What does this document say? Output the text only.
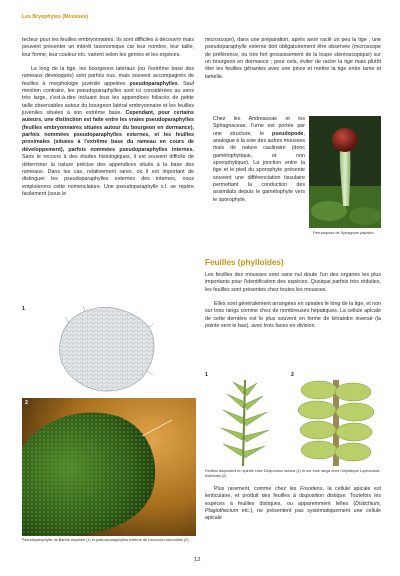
Les Bryophytes (Mousses)

tecteur pour les feuilles embryonnaires. Ils sont difficiles à découvrir mais peuvent présenter un intérêt taxonomique car leur nombre, leur taille, leur forme, leur couleur etc. varient selon les genres et les espèces.

Le long de la tige, les bourgeons latéraux (ou l'extrême base des rameaux développés) sont parfois nus, mais souvent accompagnés de feuilles à morphologie juvénile appelées pseudoparaphylles. Sauf mention contraire, les pseudoparaphylles sont ici considérées au sens très large, c'est-à-dire incluant tous les appendices foliacés de petite taille observables autour du bourgeon latéral embryonnaire et les feuilles juvéniles situées à son extrême base. Cependant, pour certains auteurs, une distinction est faite entre les vraies pseudoparaphylles (feuilles embryonnaires situées autour du bourgeon en dormance), parfois nommées pseudoparaphylles externes, et les feuilles proximales (situées à l'extrême base du rameau en cours de développement), parfois nommées pseudoparaphylles internes. Sans le recours à des études histologiques, il est souvent difficile de déterminer la nature précise des appendices situés à la base des rameaux. Dans les cas, relativement rares, où il est important de distinguer les pseudoparaphylles externes des internes, nous emploierons cette nomenclature. Une pseudoparaphylle s.l. se repère facilement (sous le

1
2
Pseudoparaphylle de Barbie vaucheri (1) et pseudoparaphylles externe de Leucodon sciuroides (2).

microscope), dans une préparation, après avoir raclé un peu la tige ; une pseudoparaphylle externe doit obligatoirement être observée (microscope de préférence, ou très fort grossissement de la loupe stéréoscopique) sur un bourgeon en dormance ; pour cela, éviter de racler la tige mais plutôt ôter les feuilles gênantes avec une pince et mettre la tige entre lame et lamelle.

Chez les Andreaceae et les Sphagnaceae, l'urne est portée par une structure, le pseudopode, analogue à la soie des autres mousses mais de nature caulinaire (donc gamétophytique, et non sporophytique). La jonction entre la tige et le pied du sporophyte présente souvent une différenciation tissulaire permettant la conduction des assimilats depuis le gamétophyte vers le sporophyte.

Pseudopode de Sphagnum palustre.
Feuilles (phylloïdes)

Les feuilles des mousses sont sans nul doute l'un des organes les plus importants pour l'identification des espèces. Quoique parfois très réduites, les feuilles sont présentes chez toutes les mousses.

Elles sont généralement arrangées en spirales le long de la tige, et non sur trois rangs comme chez de nombreuses hépatiques. La cellule apicale de cette dernière est le plus souvent en forme de tétraèdre inversé (la pointe vers le bas), avec trois faces en division.

1	2
Feuilles disposées en spirale chez Didymodon luridus (1) et sur trois rangs chez l'hépatique Lophocolea bidentata (2).

Plus rarement, comme chez les Fissidens, la cellule apicale est lenticulaire, et produit des feuilles à disposition distique. Toutefois les espèces à feuilles distiques, ou apparemment telles (Distichium, Plagiothecium etc.), ne présentent pas systématiquement une cellule apicale

12
